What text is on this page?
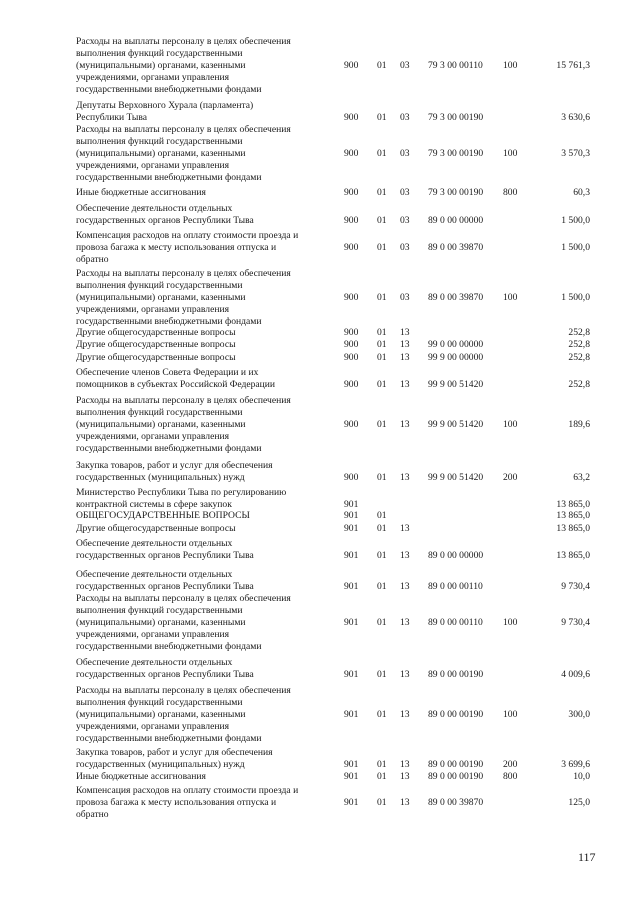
Расходы на выплаты персоналу в целях обеспечения
выполнения функций государственными
(муниципальными) органами, казенными
учреждениями, органами управления
государственными внебюджетными фондами
900 01 03 79 3 00 00110 100	15 761,3
Депутаты Верховного Хурала (парламента)
Республики Тыва	900 01 03 79 3 00 00190	3 630,6
Расходы на выплаты персоналу в целях обеспечения
выполнения функций государственными
(муниципальными) органами, казенными
учреждениями, органами управления
государственными внебюджетными фондами
900 01 03 79 3 00 00190 100	3 570,3
Иные бюджетные ассигнования	900 01 03 79 3 00 00190 800	60,3
Обеспечение деятельности отдельных
государственных органов Республики Тыва	900 01 03 89 0 00 00000	1 500,0
Компенсация расходов на оплату стоимости проезда и
провоза багажа к месту использования отпуска и
обратно
900 01 03 89 0 00 39870	1 500,0
Расходы на выплаты персоналу в целях обеспечения
выполнения функций государственными
(муниципальными) органами, казенными
учреждениями, органами управления
государственными внебюджетными фондами
900 01 03 89 0 00 39870 100	1 500,0
Другие общегосударственные вопросы	900 01 13	252,8
Другие общегосударственные вопросы	900 01 13 99 0 00 00000	252,8
Другие общегосударственные вопросы	900 01 13 99 9 00 00000	252,8
Обеспечение членов Совета Федерации и их
помощников в субъектах Российской Федерации	900 01 13 99 9 00 51420	252,8
Расходы на выплаты персоналу в целях обеспечения
выполнения функций государственными
(муниципальными) органами, казенными
учреждениями, органами управления
государственными внебюджетными фондами
900 01 13 99 9 00 51420 100	189,6
Закупка товаров, работ и услуг для обеспечения
государственных (муниципальных) нужд	900 01 13 99 9 00 51420 200	63,2
Министерство Республики Тыва по регулированию
контрактной системы в сфере закупок	901	13 865,0
ОБЩЕГОСУДАРСТВЕННЫЕ ВОПРОСЫ	901 01	13 865,0
Другие общегосударственные вопросы	901 01 13	13 865,0
Обеспечение деятельности отдельных
государственных органов Республики Тыва	901 01 13 89 0 00 00000	13 865,0
Обеспечение деятельности отдельных
государственных органов Республики Тыва	901 01 13 89 0 00 00110	9 730,4
Расходы на выплаты персоналу в целях обеспечения
выполнения функций государственными
(муниципальными) органами, казенными
учреждениями, органами управления
государственными внебюджетными фондами
901 01 13 89 0 00 00110 100	9 730,4
Обеспечение деятельности отдельных
государственных органов Республики Тыва	901 01 13 89 0 00 00190	4 009,6
Расходы на выплаты персоналу в целях обеспечения
выполнения функций государственными
(муниципальными) органами, казенными
учреждениями, органами управления
государственными внебюджетными фондами
901 01 13 89 0 00 00190 100	300,0
Закупка товаров, работ и услуг для обеспечения
государственных (муниципальных) нужд	901 01 13 89 0 00 00190 200	3 699,6
Иные бюджетные ассигнования	901 01 13 89 0 00 00190 800	10,0
Компенсация расходов на оплату стоимости проезда и
провоза багажа к месту использования отпуска и
обратно
901 01 13 89 0 00 39870	125,0
117
